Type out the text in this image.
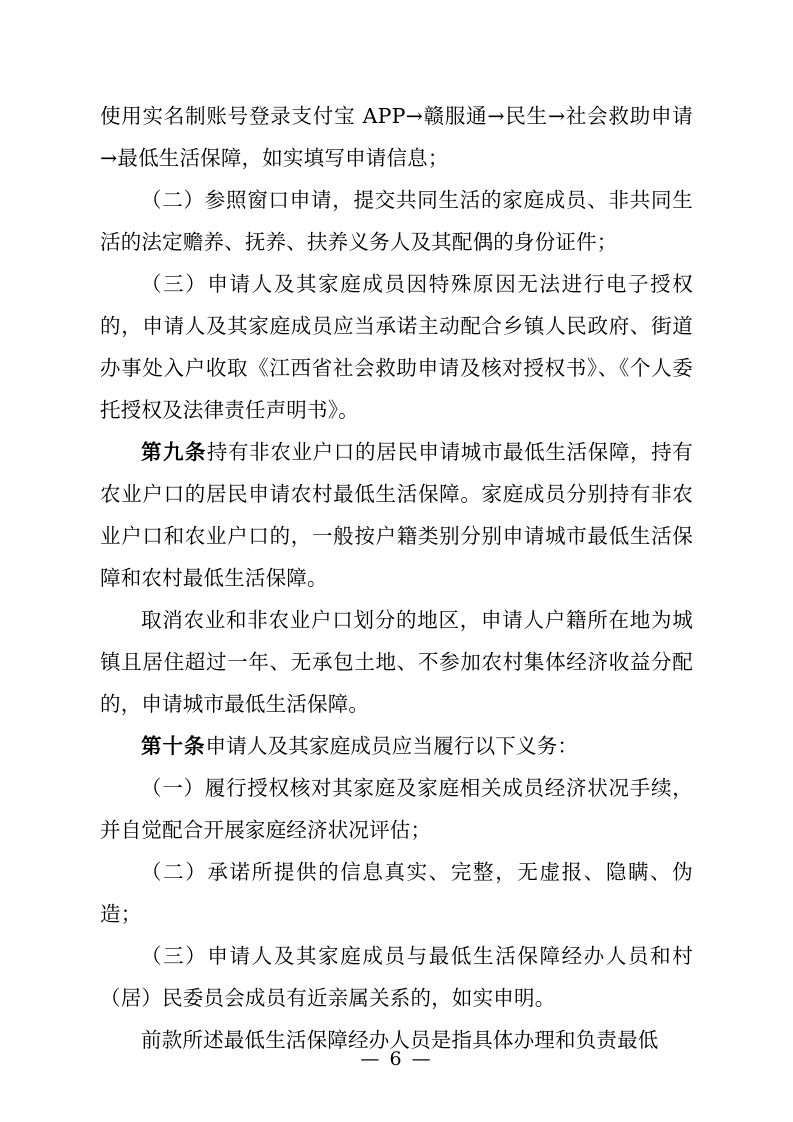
使用实名制账号登录支付宝 APP→赣服通→民生→社会救助申请→最低生活保障，如实填写申请信息；

（二）参照窗口申请，提交共同生活的家庭成员、非共同生活的法定赡养、抚养、扶养义务人及其配偶的身份证件；

（三）申请人及其家庭成员因特殊原因无法进行电子授权的，申请人及其家庭成员应当承诺主动配合乡镇人民政府、街道办事处入户收取《江西省社会救助申请及核对授权书》、《个人委托授权及法律责任声明书》。

第九条持有非农业户口的居民申请城市最低生活保障，持有农业户口的居民申请农村最低生活保障。家庭成员分别持有非农业户口和农业户口的，一般按户籍类别分别申请城市最低生活保障和农村最低生活保障。

取消农业和非农业户口划分的地区，申请人户籍所在地为城镇且居住超过一年、无承包土地、不参加农村集体经济收益分配的，申请城市最低生活保障。

第十条申请人及其家庭成员应当履行以下义务：

（一）履行授权核对其家庭及家庭相关成员经济状况手续，并自觉配合开展家庭经济状况评估；

（二）承诺所提供的信息真实、完整，无虚报、隐瞒、伪造；

（三）申请人及其家庭成员与最低生活保障经办人员和村（居）民委员会成员有近亲属关系的，如实申明。

前款所述最低生活保障经办人员是指具体办理和负责最低

— 6 —
